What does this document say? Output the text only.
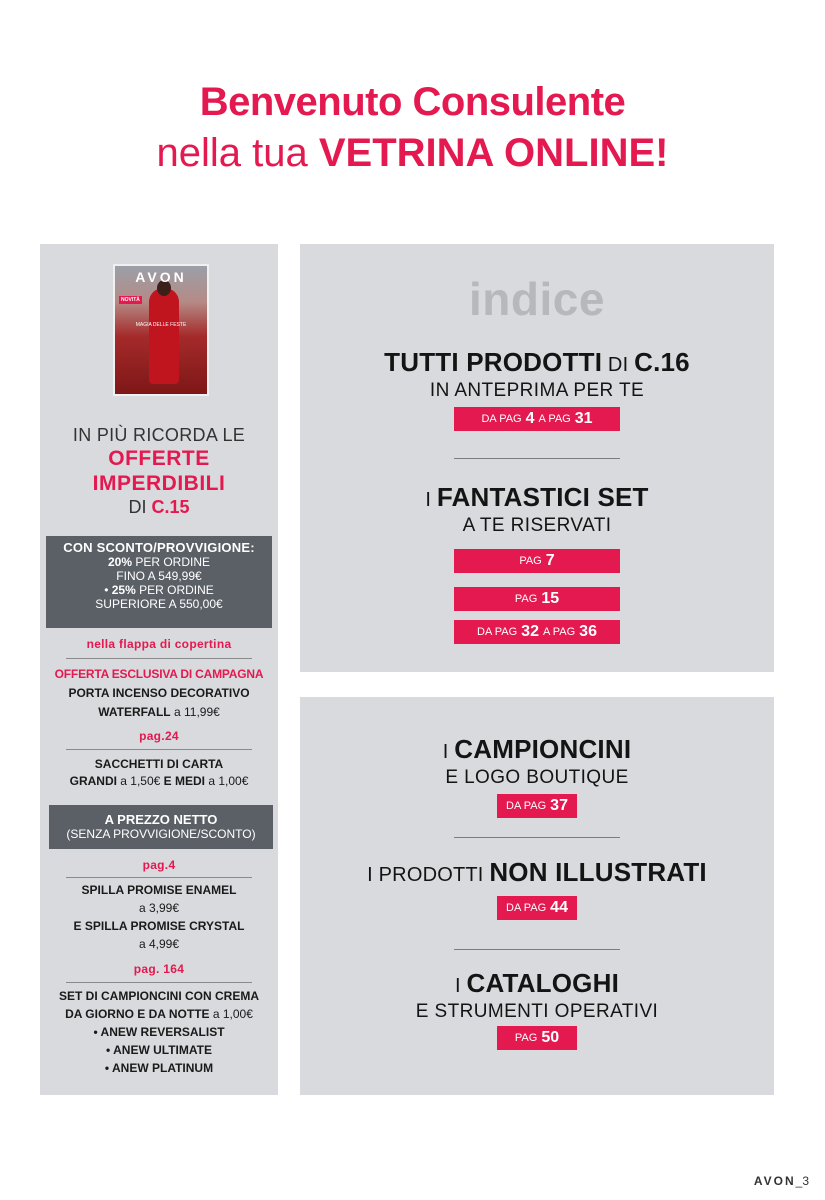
Benvenuto Consulente
nella tua VETRINA ONLINE!
AVON
NOVITÀ
MAGIA DELLE FESTE
IN PIÙ RICORDA LE
OFFERTE
IMPERDIBILI
DI C.15
CON SCONTO/PROVVIGIONE:
20% PER ORDINE
FINO A 549,99€
• 25% PER ORDINE
SUPERIORE A 550,00€
nella flappa di copertina
OFFERTA ESCLUSIVA DI CAMPAGNA
PORTA INCENSO DECORATIVO
WATERFALL a 11,99€
pag.24
SACCHETTI DI CARTA
GRANDI a 1,50€ E MEDI a 1,00€
A PREZZO NETTO
(SENZA PROVVIGIONE/SCONTO)
pag.4
SPILLA PROMISE ENAMEL
a 3,99€
E SPILLA PROMISE CRYSTAL
a 4,99€
pag. 164
SET DI CAMPIONCINI CON CREMA
DA GIORNO E DA NOTTE a 1,00€
• ANEW REVERSALIST
• ANEW ULTIMATE
• ANEW PLATINUM
indice
TUTTI PRODOTTI DI C.16
IN ANTEPRIMA PER TE
DA PAG 4 A PAG 31
I FANTASTICI SET
A TE RISERVATI
PAG 7
PAG 15
DA PAG 32 A PAG 36
I CAMPIONCINI
E LOGO BOUTIQUE
DA PAG 37
I PRODOTTI NON ILLUSTRATI
DA PAG 44
I CATALOGHI
E STRUMENTI OPERATIVI
PAG 50
AVON_3
